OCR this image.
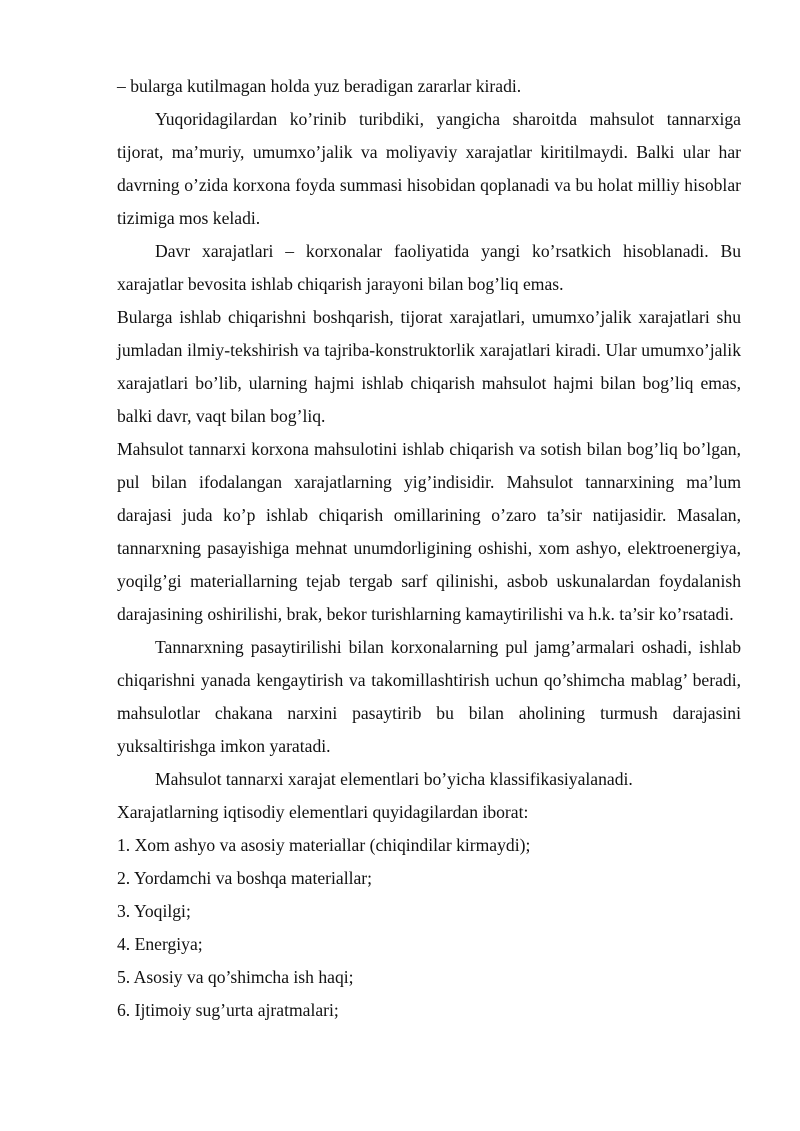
– bularga kutilmagan holda yuz beradigan zararlar kiradi.

Yuqoridagilardan ko’rinib turibdiki, yangicha sharoitda mahsulot tannarxiga tijorat, ma’muriy, umumxo’jalik va moliyaviy xarajatlar kiritilmaydi. Balki ular har davrning o’zida korxona foyda summasi hisobidan qoplanadi va bu holat milliy hisoblar tizimiga mos keladi.

Davr xarajatlari – korxonalar faoliyatida yangi ko’rsatkich hisoblanadi. Bu xarajatlar bevosita ishlab chiqarish jarayoni bilan bog’liq emas.

Bularga ishlab chiqarishni boshqarish, tijorat xarajatlari, umumxo’jalik xarajatlari shu jumladan ilmiy-tekshirish va tajriba-konstruktorlik xarajatlari kiradi. Ular umumxo’jalik xarajatlari bo’lib, ularning hajmi ishlab chiqarish mahsulot hajmi bilan bog’liq emas, balki davr, vaqt bilan bog’liq.

Mahsulot tannarxi korxona mahsulotini ishlab chiqarish va sotish bilan bog’liq bo’lgan, pul bilan ifodalangan xarajatlarning yig’indisidir. Mahsulot tannarxining ma’lum darajasi juda ko’p ishlab chiqarish omillarining o’zaro ta’sir natijasidir. Masalan, tannarxning pasayishiga mehnat unumdorligining oshishi, xom ashyo, elektroenergiya, yoqilg’gi materiallarning tejab tergab sarf qilinishi, asbob uskunalardan foydalanish darajasining oshirilishi, brak, bekor turishlarning kamaytirilishi va h.k. ta’sir ko’rsatadi.

Tannarxning pasaytirilishi bilan korxonalarning pul jamg’armalari oshadi, ishlab chiqarishni yanada kengaytirish va takomillashtirish uchun qo’shimcha mablag’ beradi, mahsulotlar chakana narxini pasaytirib bu bilan aholining turmush darajasini yuksaltirishga imkon yaratadi.

Mahsulot tannarxi xarajat elementlari bo’yicha klassifikasiyalanadi.

Xarajatlarning iqtisodiy elementlari quyidagilardan iborat:

1. Xom ashyo va asosiy materiallar (chiqindilar kirmaydi);

2. Yordamchi va boshqa materiallar;

3. Yoqilgi;

4. Energiya;

5. Asosiy va qo’shimcha ish haqi;

6. Ijtimoiy sug’urta ajratmalari;
